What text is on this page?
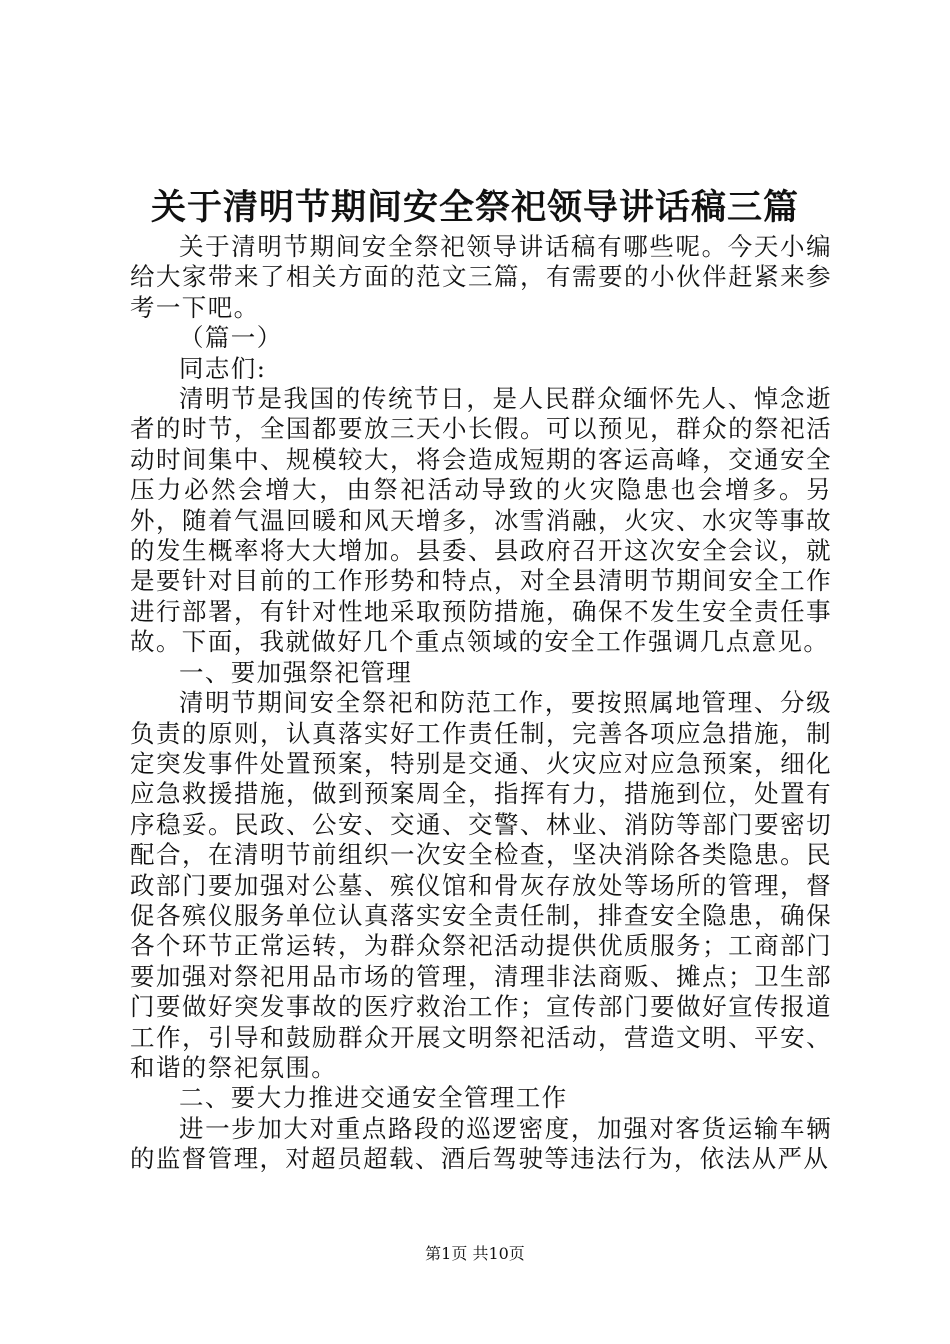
关于清明节期间安全祭祀领导讲话稿三篇

关于清明节期间安全祭祀领导讲话稿有哪些呢。今天小编给大家带来了相关方面的范文三篇，有需要的小伙伴赶紧来参考一下吧。

（篇一）

同志们:

清明节是我国的传统节日，是人民群众缅怀先人、悼念逝者的时节，全国都要放三天小长假。可以预见，群众的祭祀活动时间集中、规模较大，将会造成短期的客运高峰，交通安全压力必然会增大，由祭祀活动导致的火灾隐患也会增多。另外，随着气温回暖和风天增多，冰雪消融，火灾、水灾等事故的发生概率将大大增加。县委、县政府召开这次安全会议，就是要针对目前的工作形势和特点，对全县清明节期间安全工作进行部署，有针对性地采取预防措施，确保不发生安全责任事故。下面，我就做好几个重点领域的安全工作强调几点意见。

一、要加强祭祀管理

清明节期间安全祭祀和防范工作，要按照属地管理、分级负责的原则，认真落实好工作责任制，完善各项应急措施，制定突发事件处置预案，特别是交通、火灾应对应急预案，细化应急救援措施，做到预案周全，指挥有力，措施到位，处置有序稳妥。民政、公安、交通、交警、林业、消防等部门要密切配合，在清明节前组织一次安全检查，坚决消除各类隐患。民政部门要加强对公墓、殡仪馆和骨灰存放处等场所的管理，督促各殡仪服务单位认真落实安全责任制，排查安全隐患，确保各个环节正常运转，为群众祭祀活动提供优质服务；工商部门要加强对祭祀用品市场的管理，清理非法商贩、摊点；卫生部门要做好突发事故的医疗救治工作；宣传部门要做好宣传报道工作，引导和鼓励群众开展文明祭祀活动，营造文明、平安、和谐的祭祀氛围。

二、要大力推进交通安全管理工作

进一步加大对重点路段的巡逻密度，加强对客货运输车辆的监督管理，对超员超载、酒后驾驶等违法行为，依法从严从

第1页 共10页
